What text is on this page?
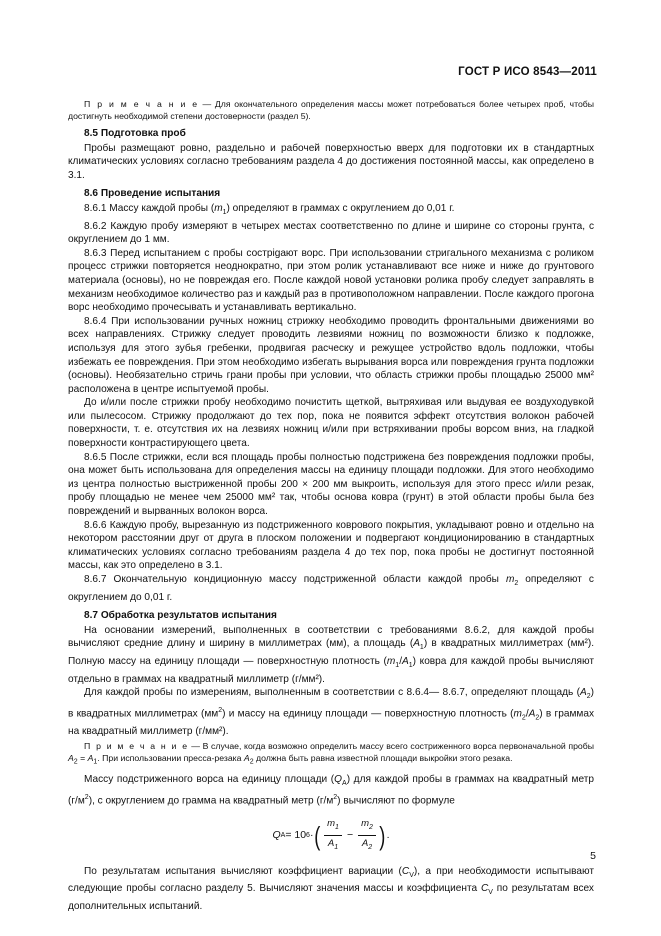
ГОСТ Р ИСО 8543—2011

П р и м е ч а н и е — Для окончательного определения массы может потребоваться более четырех проб, чтобы достигнуть необходимой степени достоверности (раздел 5).

8.5 Подготовка проб

Пробы размещают ровно, раздельно и рабочей поверхностью вверх для подготовки их в стандартных климатических условиях согласно требованиям раздела 4 до достижения постоянной массы, как определено в 3.1.

8.6 Проведение испытания

8.6.1 Массу каждой пробы $(m_1)$ определяют в граммах с округлением до 0,01 г.

8.6.2 Каждую пробу измеряют в четырех местах соответственно по длине и ширине со стороны грунта, с округлением до 1 мм.

8.6.3 Перед испытанием с пробы сострigaют ворс. При использовании стригального механизма с роликом процесс стрижки повторяется неоднократно, при этом ролик устанавливают все ниже и ниже до грунтового материала (основы), но не повреждая его. После каждой новой установки ролика пробу следует заправлять в механизм необходимое количество раз и каждый раз в противоположном направлении. После каждого прогона ворс необходимо прочесывать и устанавливать вертикально.

8.6.4 При использовании ручных ножниц стрижку необходимо проводить фронтальными движениями во всех направлениях. Стрижку следует проводить лезвиями ножниц по возможности близко к подложке, используя для этого зубья гребенки, продвигая расческу и режущее устройство вдоль подложки, чтобы избежать ее повреждения. При этом необходимо избегать вырывания ворса или повреждения грунта подложки (основы). Необязательно стричь грани пробы при условии, что область стрижки пробы площадью 25000 мм² расположена в центре испытуемой пробы.

До и/или после стрижки пробу необходимо почистить щеткой, вытряхивая или выдувая ее воздуходувкой или пылесосом. Стрижку продолжают до тех пор, пока не появится эффект отсутствия волокон рабочей поверхности, т. е. отсутствия их на лезвиях ножниц и/или при встряхивании пробы ворсом вниз, на гладкой поверхности контрастирующего цвета.

8.6.5 После стрижки, если вся площадь пробы полностью подстрижена без повреждения подложки пробы, она может быть использована для определения массы на единицу площади подложки. Для этого необходимо из центра полностью выстриженной пробы 200 × 200 мм выкроить, используя для этого пресс и/или резак, пробу площадью не менее чем 25000 мм² так, чтобы основа ковра (грунт) в этой области пробы была без повреждений и вырванных волокон ворса.

8.6.6 Каждую пробу, вырезанную из подстриженного коврового покрытия, укладывают ровно и отдельно на некотором расстоянии друг от друга в плоском положении и подвергают кондиционированию в стандартных климатических условиях согласно требованиям раздела 4 до тех пор, пока пробы не достигнут постоянной массы, как это определено в 3.1.

8.6.7 Окончательную кондиционную массу подстриженной области каждой пробы $m_2$ определяют с округлением до 0,01 г.

8.7 Обработка результатов испытания

На основании измерений, выполненных в соответствии с требованиями 8.6.2, для каждой пробы вычисляют средние длину и ширину в миллиметрах (мм), а площадь $(A_1)$ в квадратных миллиметрах (мм²). Полную массу на единицу площади — поверхностную плотность $(m_1/A_1)$ ковра для каждой пробы вычисляют отдельно в граммах на квадратный миллиметр (г/мм²).

Для каждой пробы по измерениям, выполненным в соответствии с 8.6.4— 8.6.7, определяют площадь $(A_2)$ в квадратных миллиметрах $(мм^2)$ и массу на единицу площади — поверхностную плотность $(m_2/A_2)$ в граммах на квадратный миллиметр (г/мм²).

П р и м е ч а н и е — В случае, когда возможно определить массу всего состриженного ворса первоначальной пробы $A_2 = A_1$. При использовании пресса-резака $A_2$ должна быть равна известной площади выкройки этого резака.

Массу подстриженного ворса на единицу площади $(Q_A)$ для каждой пробы в граммах на квадратный метр $(г/м^2)$, с округлением до грамма на квадратный метр $(г/м^2)$ вычисляют по формуле

Q A = 10 6 · ( $\frac{m_1}{A_1} - \frac{m_2}{A_2}$ ) .

По результатам испытания вычисляют коэффициент вариации $(C_V)$, а при необходимости испытывают следующие пробы согласно разделу 5. Вычисляют значения массы и коэффициента $C_V$ по результатам всех дополнительных испытаний.

5
